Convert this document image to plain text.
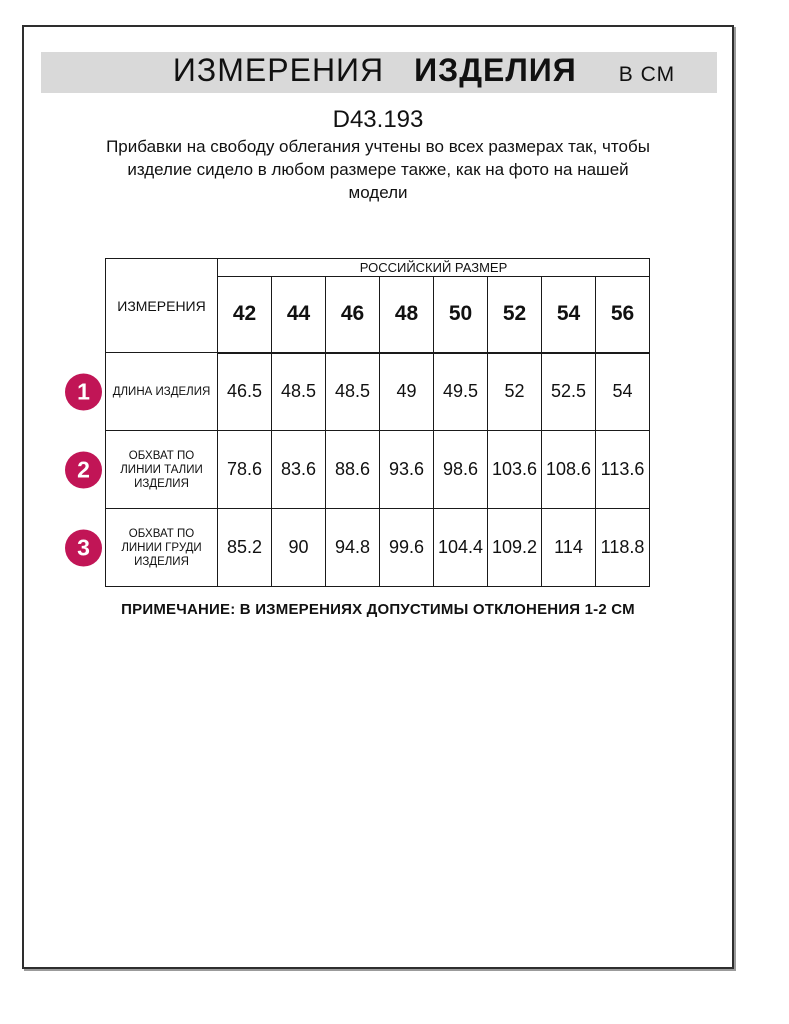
ИЗМЕРЕНИЯ ИЗДЕЛИЯ В СМ
D43.193
Прибавки на свободу облегания учтены во всех размерах так, чтобы
изделие сидело в любом размере также, как на фото на нашей
модели
ИЗМЕРЕНИЯ	РОССИЙСКИЙ РАЗМЕР							
	42	44	46	48	50	52	54	56
ДЛИНА ИЗДЕЛИЯ	46.5	48.5	48.5	49	49.5	52	52.5	54
ОБХВАТ ПО ЛИНИИ ТАЛИИ ИЗДЕЛИЯ	78.6	83.6	88.6	93.6	98.6	103.6	108.6	113.6
ОБХВАТ ПО ЛИНИИ ГРУДИ ИЗДЕЛИЯ	85.2	90	94.8	99.6	104.4	109.2	114	118.8
1
2
3
ПРИМЕЧАНИЕ: В ИЗМЕРЕНИЯХ ДОПУСТИМЫ ОТКЛОНЕНИЯ 1-2 СМ
